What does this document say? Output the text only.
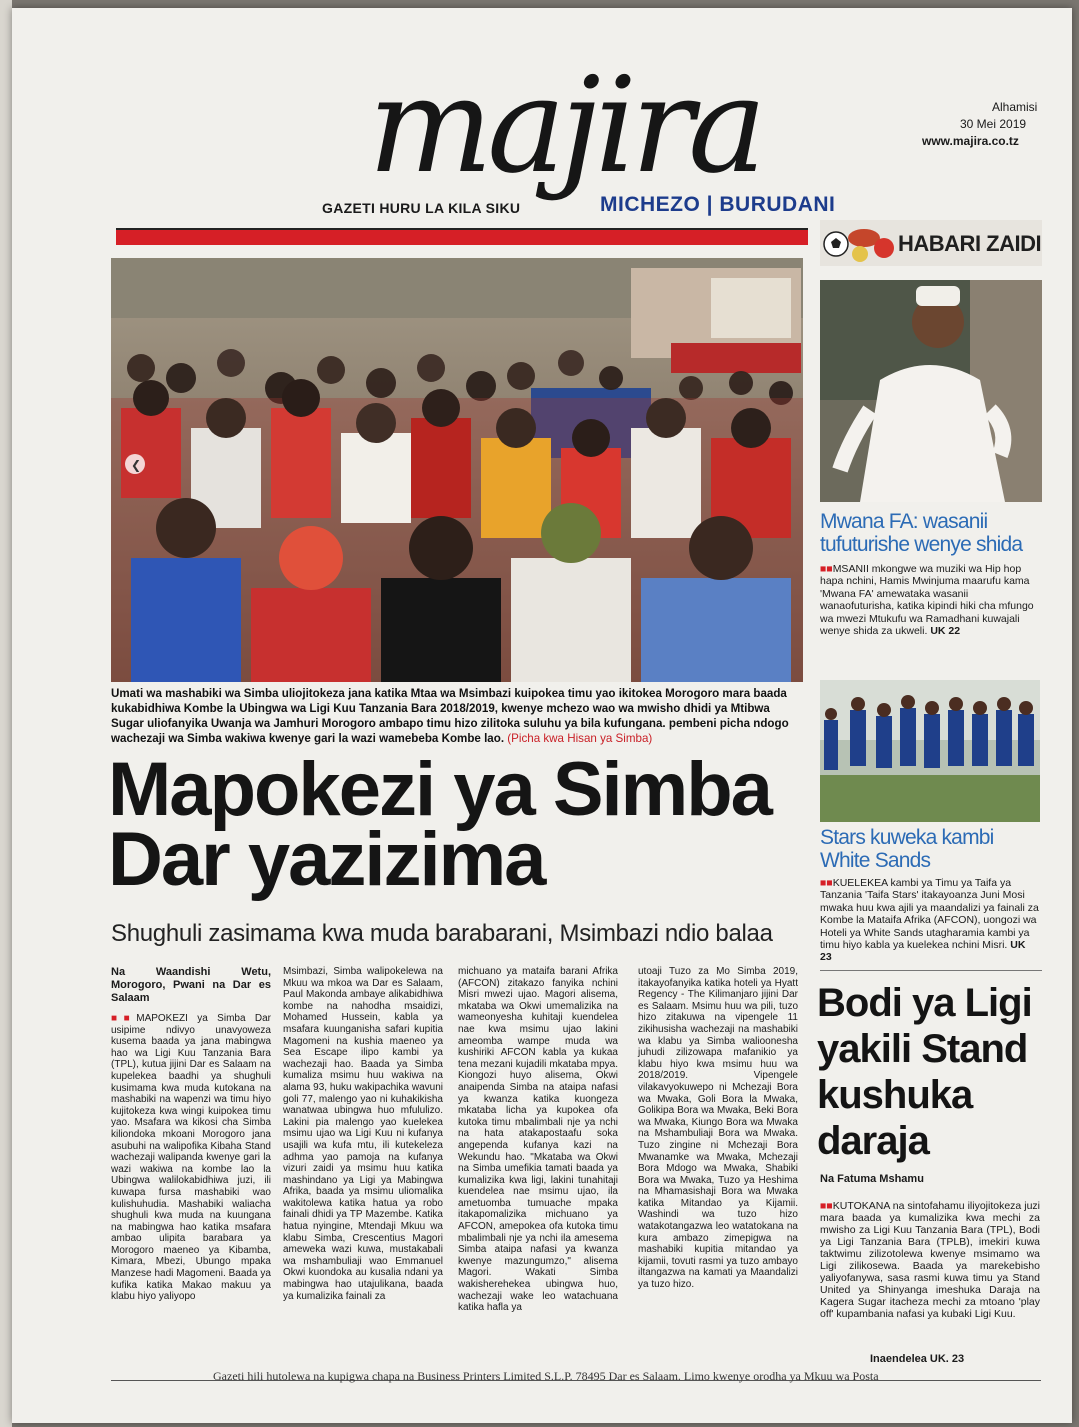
majira
GAZETI HURU LA KILA SIKU	MICHEZO | BURUDANI
Alhamisi
30 Mei 2019
www.majira.co.tz
❮
Umati wa mashabiki wa Simba uliojitokeza jana katika Mtaa wa Msimbazi kuipokea timu yao ikitokea Morogoro mara baada kukabidhiwa Kombe la Ubingwa wa Ligi Kuu Tanzania Bara 2018/2019, kwenye mchezo wao wa mwisho dhidi ya Mtibwa Sugar uliofanyika Uwanja wa Jamhuri Morogoro ambapo timu hizo zilitoka suluhu ya bila kufungana. pembeni picha ndogo wachezaji wa Simba wakiwa kwenye gari la wazi wamebeba Kombe lao. (Picha kwa Hisan ya Simba)
Mapokezi ya Simba Dar yazizima
Shughuli zasimama kwa muda barabarani, Msimbazi ndio balaa
Na Waandishi Wetu, Morogoro, Pwani na Dar es Salaam

■■MAPOKEZI ya Simba Dar usipime ndivyo unavyoweza kusema baada ya jana mabingwa hao wa Ligi Kuu Tanzania Bara (TPL), kutua jijini Dar es Salaam na kupelekea baadhi ya shughuli kusimama kwa muda kutokana na mashabiki na wapenzi wa timu hiyo kujitokeza kwa wingi kuipokea timu yao. Msafara wa kikosi cha Simba kiliondoka mkoani Morogoro jana asubuhi na walipofika Kibaha Stand wachezaji walipanda kwenye gari la wazi wakiwa na kombe lao la Ubingwa walilokabidhiwa juzi, ili kuwapa fursa mashabiki wao kulishuhudia. Mashabiki waliacha shughuli kwa muda na kuungana na mabingwa hao katika msafara ambao ulipita barabara ya Morogoro maeneo ya Kibamba, Kimara, Mbezi, Ubungo mpaka Manzese hadi Magomeni. Baada ya kufika katika Makao makuu ya klabu hiyo yaliyopo

Msimbazi, Simba walipokelewa na Mkuu wa mkoa wa Dar es Salaam, Paul Makonda ambaye alikabidhiwa kombe na nahodha msaidizi, Mohamed Hussein, kabla ya msafara kuunganisha safari kupitia Magomeni na kushia maeneo ya Sea Escape ilipo kambi ya wachezaji hao. Baada ya Simba kumaliza msimu huu wakiwa na alama 93, huku wakipachika wavuni goli 77, malengo yao ni kuhakikisha wanatwaa ubingwa huo mfululizo. Lakini pia malengo yao kuelekea msimu ujao wa Ligi Kuu ni kufanya usajili wa kufa mtu, ili kutekeleza adhma yao pamoja na kufanya vizuri zaidi ya msimu huu katika mashindano ya Ligi ya Mabingwa Afrika, baada ya msimu uliomalika wakitolewa katika hatua ya robo fainali dhidi ya TP Mazembe. Katika hatua nyingine, Mtendaji Mkuu wa klabu Simba, Crescentius Magori ameweka wazi kuwa, mustakabali wa mshambuliaji wao Emmanuel Okwi kuondoka au kusalia ndani ya mabingwa hao utajulikana, baada ya kumalizika fainali za

michuano ya mataifa barani Afrika (AFCON) zitakazo fanyika nchini Misri mwezi ujao. Magori alisema, mkataba wa Okwi umemalizika na wameonyesha kuhitaji kuendelea nae kwa msimu ujao lakini ameomba wampe muda wa kushiriki AFCON kabla ya kukaa tena mezani kujadili mkataba mpya. Kiongozi huyo alisema, Okwi anaipenda Simba na ataipa nafasi ya kwanza katika kuongeza mkataba licha ya kupokea ofa kutoka timu mbalimbali nje ya nchi na hata atakapostaafu soka angependa kufanya kazi na Wekundu hao. "Mkataba wa Okwi na Simba umefikia tamati baada ya kumalizika kwa ligi, lakini tunahitaji kuendelea nae msimu ujao, ila ametuomba tumuache mpaka itakapomalizika michuano ya AFCON, amepokea ofa kutoka timu mbalimbali nje ya nchi ila amesema Simba ataipa nafasi ya kwanza kwenye mazungumzo," alisema Magori. Wakati Simba wakisherehekea ubingwa huo, wachezaji wake leo watachuana katika hafla ya

utoaji Tuzo za Mo Simba 2019, itakayofanyika katika hoteli ya Hyatt Regency - The Kilimanjaro jijini Dar es Salaam. Msimu huu wa pili, tuzo hizo zitakuwa na vipengele 11 zikihusisha wachezaji na mashabiki wa klabu ya Simba walioonesha juhudi zilizowapa mafanikio ya klabu hiyo kwa msimu huu wa 2018/2019. Vipengele vilakavyokuwepo ni Mchezaji Bora wa Mwaka, Goli Bora la Mwaka, Golikipa Bora wa Mwaka, Beki Bora wa Mwaka, Kiungo Bora wa Mwaka na Mshambuliaji Bora wa Mwaka. Tuzo zingine ni Mchezaji Bora Mwanamke wa Mwaka, Mchezaji Bora Mdogo wa Mwaka, Shabiki Bora wa Mwaka, Tuzo ya Heshima na Mhamasishaji Bora wa Mwaka katika Mitandao ya Kijamii. Washindi wa tuzo hizo watakotangazwa leo watatokana na kura ambazo zimepigwa na mashabiki kupitia mitandao ya kijamii, tovuti rasmi ya tuzo ambayo iltangazwa na kamati ya Maandalizi ya tuzo hizo.

Gazeti hili hutolewa na kupigwa chapa na Business Printers Limited S.L.P. 78495 Dar es Salaam. Limo kwenye orodha ya Mkuu wa Posta
HABARI ZAIDI
Mwana FA: wasanii tufuturishe wenye shida
■■MSANII mkongwe wa muziki wa Hip hop hapa nchini, Hamis Mwinjuma maarufu kama 'Mwana FA' amewataka wasanii wanaofuturisha, katika kipindi hiki cha mfungo wa mwezi Mtukufu wa Ramadhani kuwajali wenye shida za ukweli. UK 22
Stars kuweka kambi White Sands
■■KUELEKEA kambi ya Timu ya Taifa ya Tanzania 'Taifa Stars' itakayoanza Juni Mosi mwaka huu kwa ajili ya maandalizi ya fainali za Kombe la Mataifa Afrika (AFCON), uongozi wa Hoteli ya White Sands utagharamia kambi ya timu hiyo kabla ya kuelekea nchini Misri. UK 23
Bodi ya Ligi yakili Stand kushuka daraja
Na Fatuma Mshamu
■■KUTOKANA na sintofahamu iliyojitokeza juzi mara baada ya kumalizika kwa mechi za mwisho za Ligi Kuu Tanzania Bara (TPL), Bodi ya Ligi Tanzania Bara (TPLB), imekiri kuwa taktwimu zilizotolewa kwenye msimamo wa Ligi zilikosewa. Baada ya marekebisho yaliyofanywa, sasa rasmi kuwa timu ya Stand United ya Shinyanga imeshuka Daraja na Kagera Sugar itacheza mechi za mtoano 'play off' kupambania nafasi ya kubaki Ligi Kuu.
Inaendelea UK. 23
